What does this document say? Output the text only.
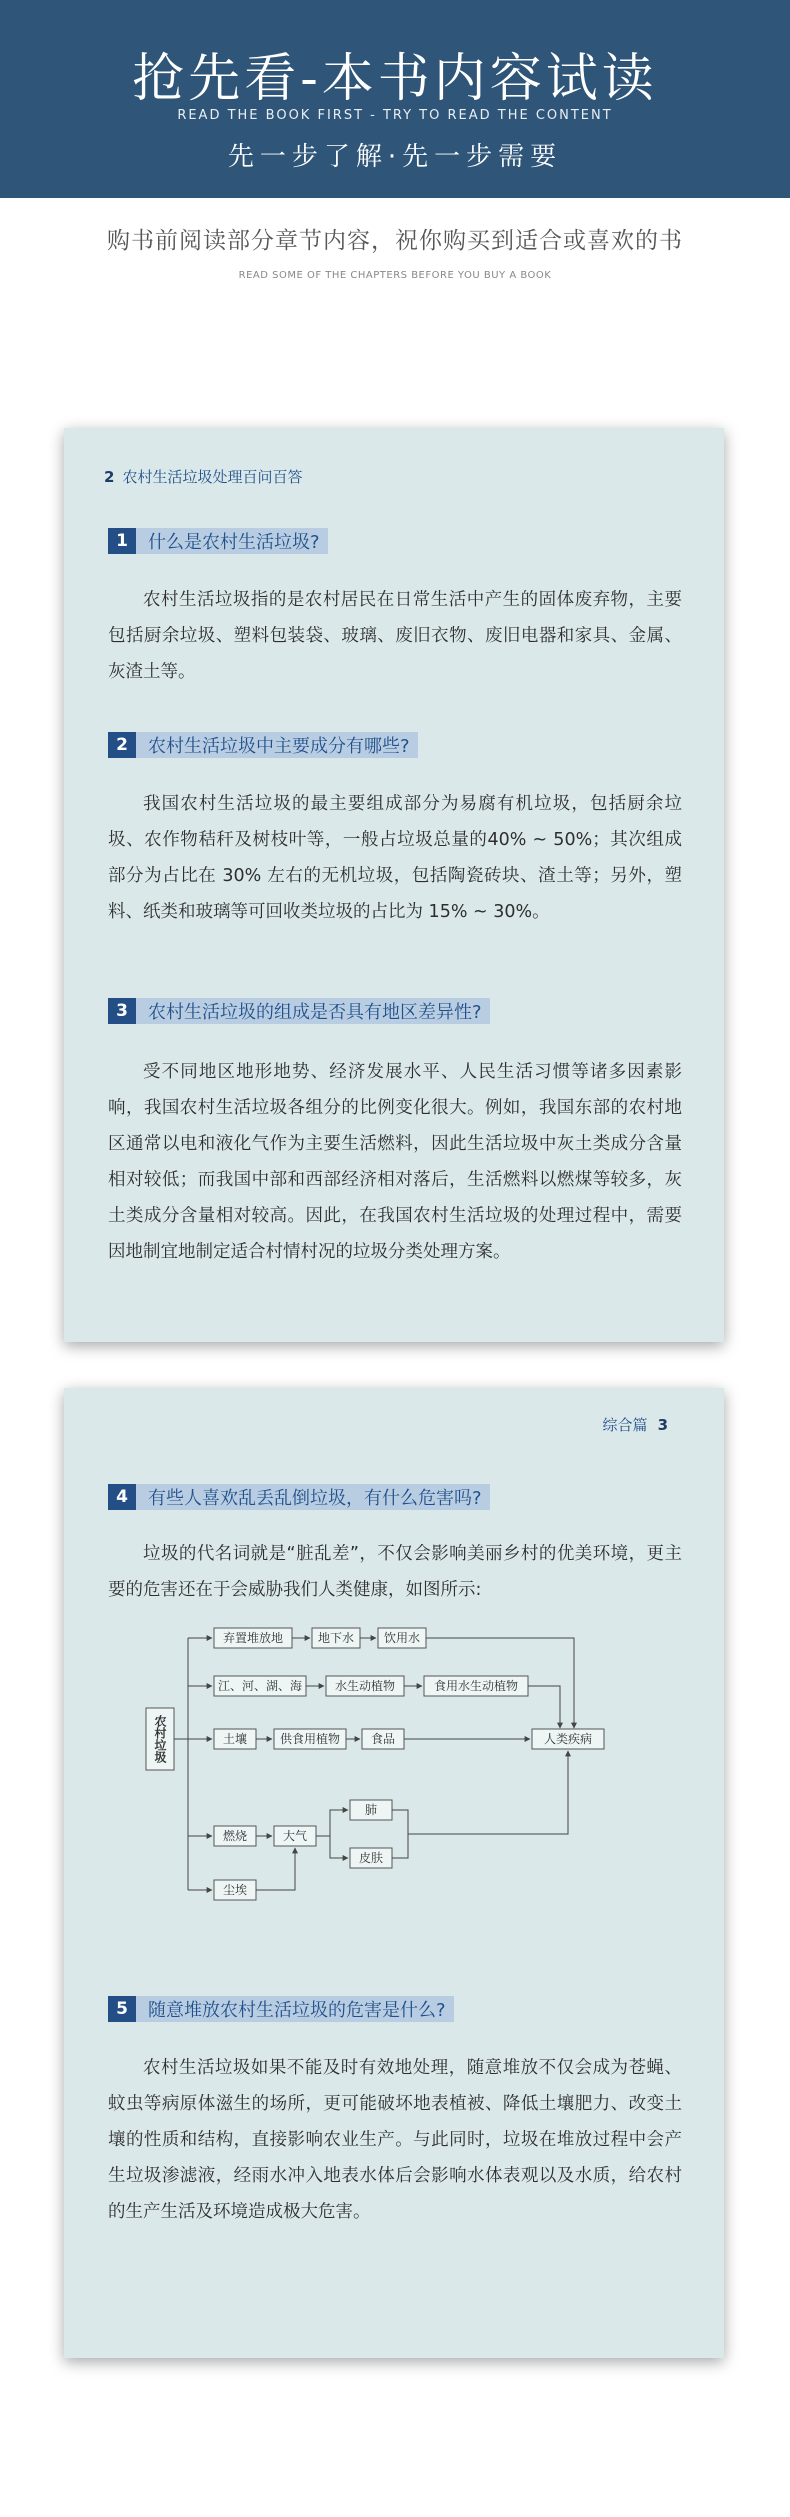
抢先看-本书内容试读
READ THE BOOK FIRST - TRY TO READ THE CONTENT
先一步了解·先一步需要
购书前阅读部分章节内容，祝你购买到适合或喜欢的书
READ SOME OF THE CHAPTERS BEFORE YOU BUY A BOOK
2 农村生活垃圾处理百问百答
1	什么是农村生活垃圾?
农村生活垃圾指的是农村居民在日常生活中产生的固体废弃物，主要包括厨余垃圾、塑料包装袋、玻璃、废旧衣物、废旧电器和家具、金属、灰渣土等。
2	农村生活垃圾中主要成分有哪些?
我国农村生活垃圾的最主要组成部分为易腐有机垃圾，包括厨余垃圾、农作物秸秆及树枝叶等，一般占垃圾总量的40% ~ 50%；其次组成部分为占比在 30% 左右的无机垃圾，包括陶瓷砖块、渣土等；另外，塑料、纸类和玻璃等可回收类垃圾的占比为 15% ~ 30%。
3	农村生活垃圾的组成是否具有地区差异性?
受不同地区地形地势、经济发展水平、人民生活习惯等诸多因素影响，我国农村生活垃圾各组分的比例变化很大。例如，我国东部的农村地区通常以电和液化气作为主要生活燃料，因此生活垃圾中灰土类成分含量相对较低；而我国中部和西部经济相对落后，生活燃料以燃煤等较多，灰土类成分含量相对较高。因此，在我国农村生活垃圾的处理过程中，需要因地制宜地制定适合村情村况的垃圾分类处理方案。
综合篇 3
4	有些人喜欢乱丢乱倒垃圾，有什么危害吗?
垃圾的代名词就是“脏乱差”，不仅会影响美丽乡村的优美环境，更主要的危害还在于会威胁我们人类健康，如图所示:
农村垃圾
弃置堆放地	地下水 饮用水
江、河、湖、海	水生动植物	食用水生动植物
土壤	供食用植物	食品	人类疾病
燃烧	大气
肺
皮肤
尘埃
5	随意堆放农村生活垃圾的危害是什么?
农村生活垃圾如果不能及时有效地处理，随意堆放不仅会成为苍蝇、蚊虫等病原体滋生的场所，更可能破坏地表植被、降低土壤肥力、改变土壤的性质和结构，直接影响农业生产。与此同时，垃圾在堆放过程中会产生垃圾渗滤液，经雨水冲入地表水体后会影响水体表观以及水质，给农村的生产生活及环境造成极大危害。
